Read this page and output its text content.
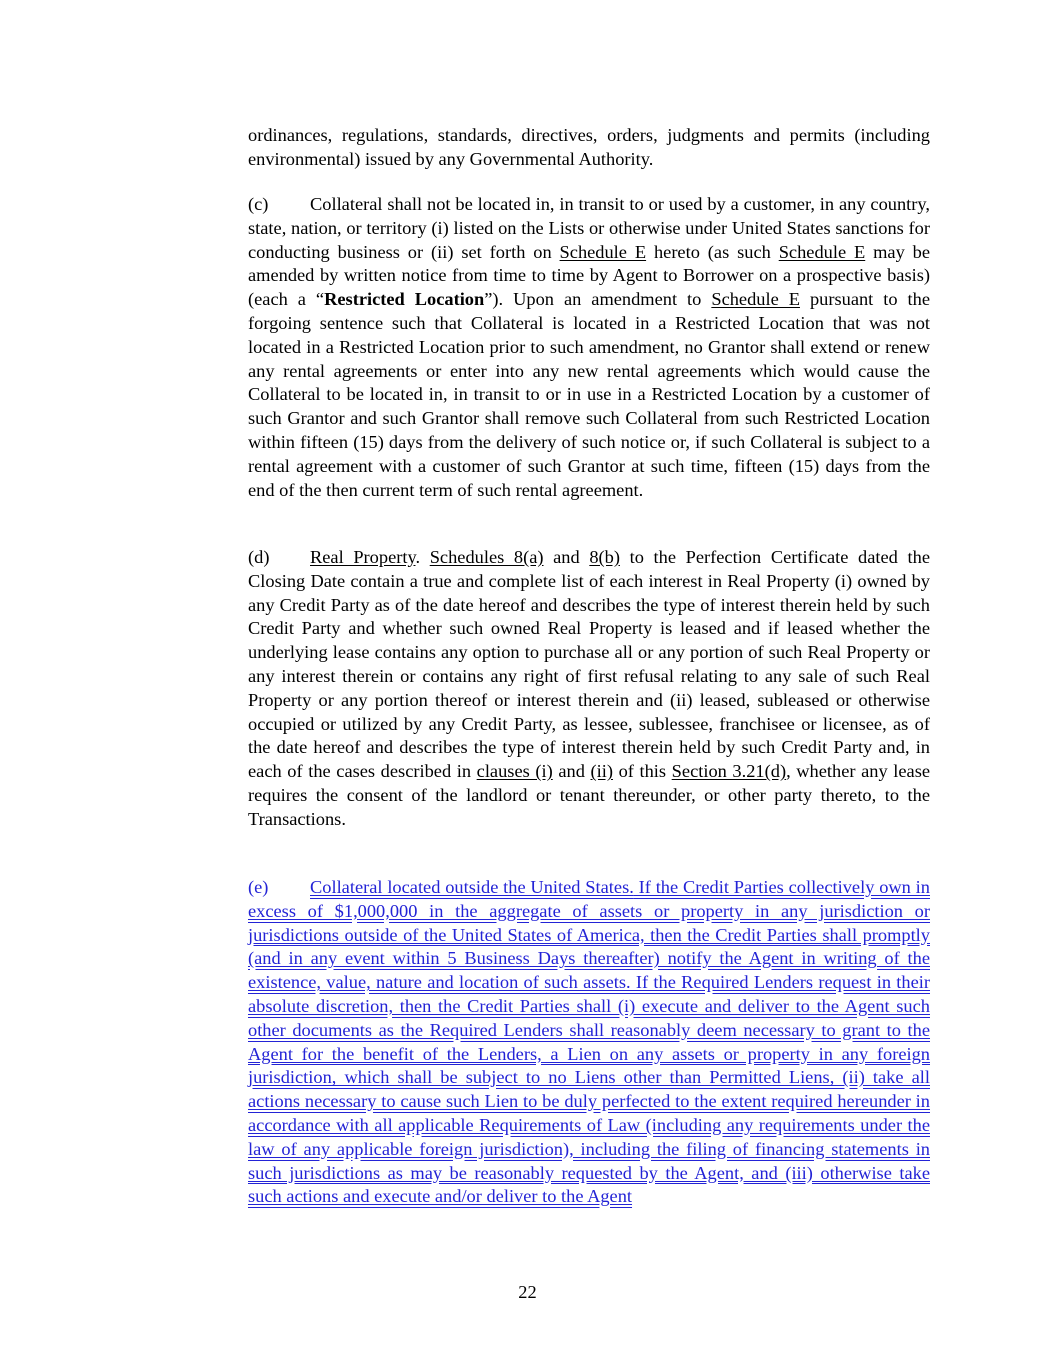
ordinances, regulations, standards, directives, orders, judgments and permits (including environmental) issued by any Governmental Authority.

(c) Collateral shall not be located in, in transit to or used by a customer, in any country, state, nation, or territory (i) listed on the Lists or otherwise under United States sanctions for conducting business or (ii) set forth on Schedule E hereto (as such Schedule E may be amended by written notice from time to time by Agent to Borrower on a prospective basis) (each a “Restricted Location”). Upon an amendment to Schedule E pursuant to the forgoing sentence such that Collateral is located in a Restricted Location that was not located in a Restricted Location prior to such amendment, no Grantor shall extend or renew any rental agreements or enter into any new rental agreements which would cause the Collateral to be located in, in transit to or in use in a Restricted Location by a customer of such Grantor and such Grantor shall remove such Collateral from such Restricted Location within fifteen (15) days from the delivery of such notice or, if such Collateral is subject to a rental agreement with a customer of such Grantor at such time, fifteen (15) days from the end of the then current term of such rental agreement.

(d) Real Property. Schedules 8(a) and 8(b) to the Perfection Certificate dated the Closing Date contain a true and complete list of each interest in Real Property (i) owned by any Credit Party as of the date hereof and describes the type of interest therein held by such Credit Party and whether such owned Real Property is leased and if leased whether the underlying lease contains any option to purchase all or any portion of such Real Property or any interest therein or contains any right of first refusal relating to any sale of such Real Property or any portion thereof or interest therein and (ii) leased, subleased or otherwise occupied or utilized by any Credit Party, as lessee, sublessee, franchisee or licensee, as of the date hereof and describes the type of interest therein held by such Credit Party and, in each of the cases described in clauses (i) and (ii) of this Section 3.21(d), whether any lease requires the consent of the landlord or tenant thereunder, or other party thereto, to the Transactions.

(e) Collateral located outside the United States. If the Credit Parties collectively own in excess of $1,000,000 in the aggregate of assets or property in any jurisdiction or jurisdictions outside of the United States of America, then the Credit Parties shall promptly (and in any event within 5 Business Days thereafter) notify the Agent in writing of the existence, value, nature and location of such assets. If the Required Lenders request in their absolute discretion, then the Credit Parties shall (i) execute and deliver to the Agent such other documents as the Required Lenders shall reasonably deem necessary to grant to the Agent for the benefit of the Lenders, a Lien on any assets or property in any foreign jurisdiction, which shall be subject to no Liens other than Permitted Liens, (ii) take all actions necessary to cause such Lien to be duly perfected to the extent required hereunder in accordance with all applicable Requirements of Law (including any requirements under the law of any applicable foreign jurisdiction), including the filing of financing statements in such jurisdictions as may be reasonably requested by the Agent, and (iii) otherwise take such actions and execute and/or deliver to the Agent

22
